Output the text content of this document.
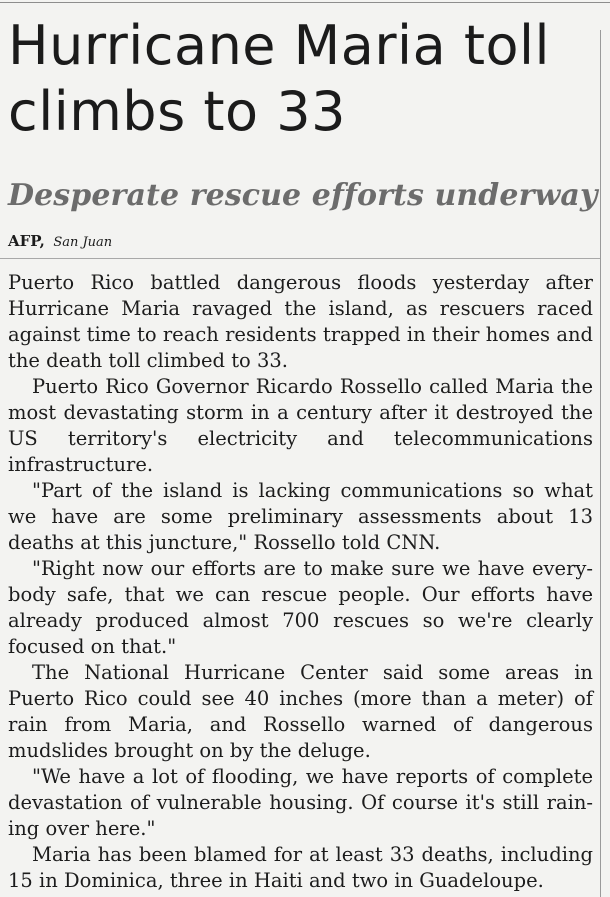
Hurricane Maria toll climbs to 33
Desperate rescue efforts underway
AFP, San Juan

Puerto Rico battled dangerous floods yesterday after Hurricane Maria ravaged the island, as rescuers raced against time to reach residents trapped in their homes and the death toll climbed to 33.

Puerto Rico Governor Ricardo Rossello called Maria the most devastating storm in a century after it destroyed the US territory's electricity and telecommunications infrastructure.

"Part of the island is lacking communications so what we have are some preliminary assessments about 13 deaths at this juncture," Rossello told CNN.

"Right now our efforts are to make sure we have everybody safe, that we can rescue people. Our efforts have already produced almost 700 rescues so we're clearly focused on that."

The National Hurricane Center said some areas in Puerto Rico could see 40 inches (more than a meter) of rain from Maria, and Rossello warned of dangerous mudslides brought on by the deluge.

"We have a lot of flooding, we have reports of complete devastation of vulnerable housing. Of course it's still raining over here."

Maria has been blamed for at least 33 deaths, including 15 in Dominica, three in Haiti and two in Guadeloupe.
